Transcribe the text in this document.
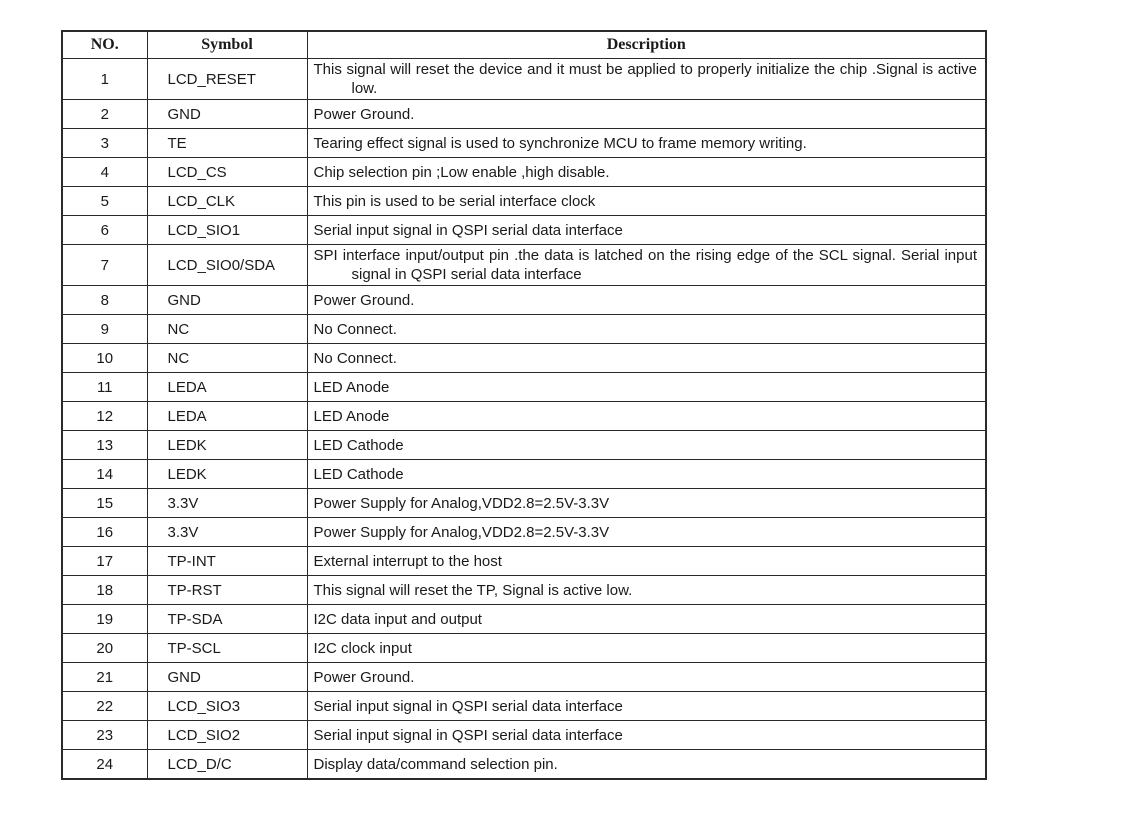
NO.	Symbol	Description
1	LCD_RESET	This signal will reset the device and it must be applied to properly initialize the chip .Signal is active low.
2	GND	Power Ground.
3	TE	Tearing effect signal is used to synchronize MCU to frame memory writing.
4	LCD_CS	Chip selection pin ;Low enable ,high disable.
5	LCD_CLK	This pin is used to be serial interface clock
6	LCD_SIO1	Serial input signal in QSPI serial data interface
7	LCD_SIO0/SDA	SPI interface input/output pin .the data is latched on the rising edge of the SCL signal. Serial input signal in QSPI serial data interface
8	GND	Power Ground.
9	NC	No Connect.
10	NC	No Connect.
11	LEDA	LED Anode
12	LEDA	LED Anode
13	LEDK	LED Cathode
14	LEDK	LED Cathode
15	3.3V	Power Supply for Analog,VDD2.8=2.5V-3.3V
16	3.3V	Power Supply for Analog,VDD2.8=2.5V-3.3V
17	TP-INT	External interrupt to the host
18	TP-RST	This signal will reset the TP, Signal is active low.
19	TP-SDA	I2C data input and output
20	TP-SCL	I2C clock input
21	GND	Power Ground.
22	LCD_SIO3	Serial input signal in QSPI serial data interface
23	LCD_SIO2	Serial input signal in QSPI serial data interface
24	LCD_D/C	Display data/command selection pin.
